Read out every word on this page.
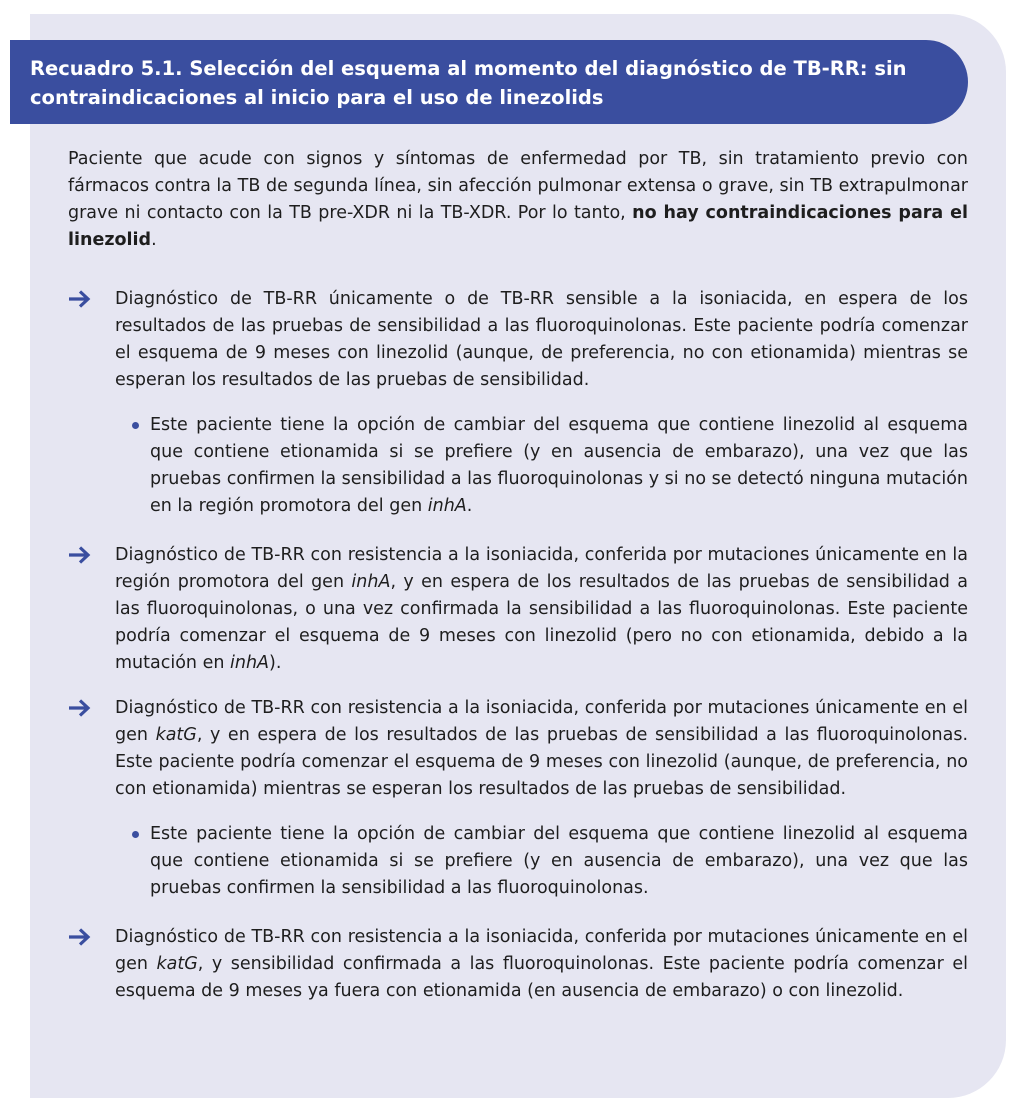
Recuadro 5.1. Selección del esquema al momento del diagnóstico de TB-RR: sin
contraindicaciones al inicio para el uso de linezolids

Paciente que acude con signos y síntomas de enfermedad por TB, sin tratamiento previo con fármacos contra la TB de segunda línea, sin afección pulmonar extensa o grave, sin TB extrapulmonar grave ni contacto con la TB pre-XDR ni la TB-XDR. Por lo tanto, no hay contraindicaciones para el linezolid.

Diagnóstico de TB-RR únicamente o de TB-RR sensible a la isoniacida, en espera de los resultados de las pruebas de sensibilidad a las fluoroquinolonas. Este paciente podría comenzar el esquema de 9 meses con linezolid (aunque, de preferencia, no con etionamida) mientras se esperan los resultados de las pruebas de sensibilidad.

Este paciente tiene la opción de cambiar del esquema que contiene linezolid al esquema que contiene etionamida si se prefiere (y en ausencia de embarazo), una vez que las pruebas confirmen la sensibilidad a las fluoroquinolonas y si no se detectó ninguna mutación en la región promotora del gen inhA.

Diagnóstico de TB-RR con resistencia a la isoniacida, conferida por mutaciones únicamente en la región promotora del gen inhA, y en espera de los resultados de las pruebas de sensibilidad a las fluoroquinolonas, o una vez confirmada la sensibilidad a las fluoroquinolonas. Este paciente podría comenzar el esquema de 9 meses con linezolid (pero no con etionamida, debido a la mutación en inhA).

Diagnóstico de TB-RR con resistencia a la isoniacida, conferida por mutaciones únicamente en el gen katG, y en espera de los resultados de las pruebas de sensibilidad a las fluoroquinolonas. Este paciente podría comenzar el esquema de 9 meses con linezolid (aunque, de preferencia, no con etionamida) mientras se esperan los resultados de las pruebas de sensibilidad.

Este paciente tiene la opción de cambiar del esquema que contiene linezolid al esquema que contiene etionamida si se prefiere (y en ausencia de embarazo), una vez que las pruebas confirmen la sensibilidad a las fluoroquinolonas.

Diagnóstico de TB-RR con resistencia a la isoniacida, conferida por mutaciones únicamente en el gen katG, y sensibilidad confirmada a las fluoroquinolonas. Este paciente podría comenzar el esquema de 9 meses ya fuera con etionamida (en ausencia de embarazo) o con linezolid.
